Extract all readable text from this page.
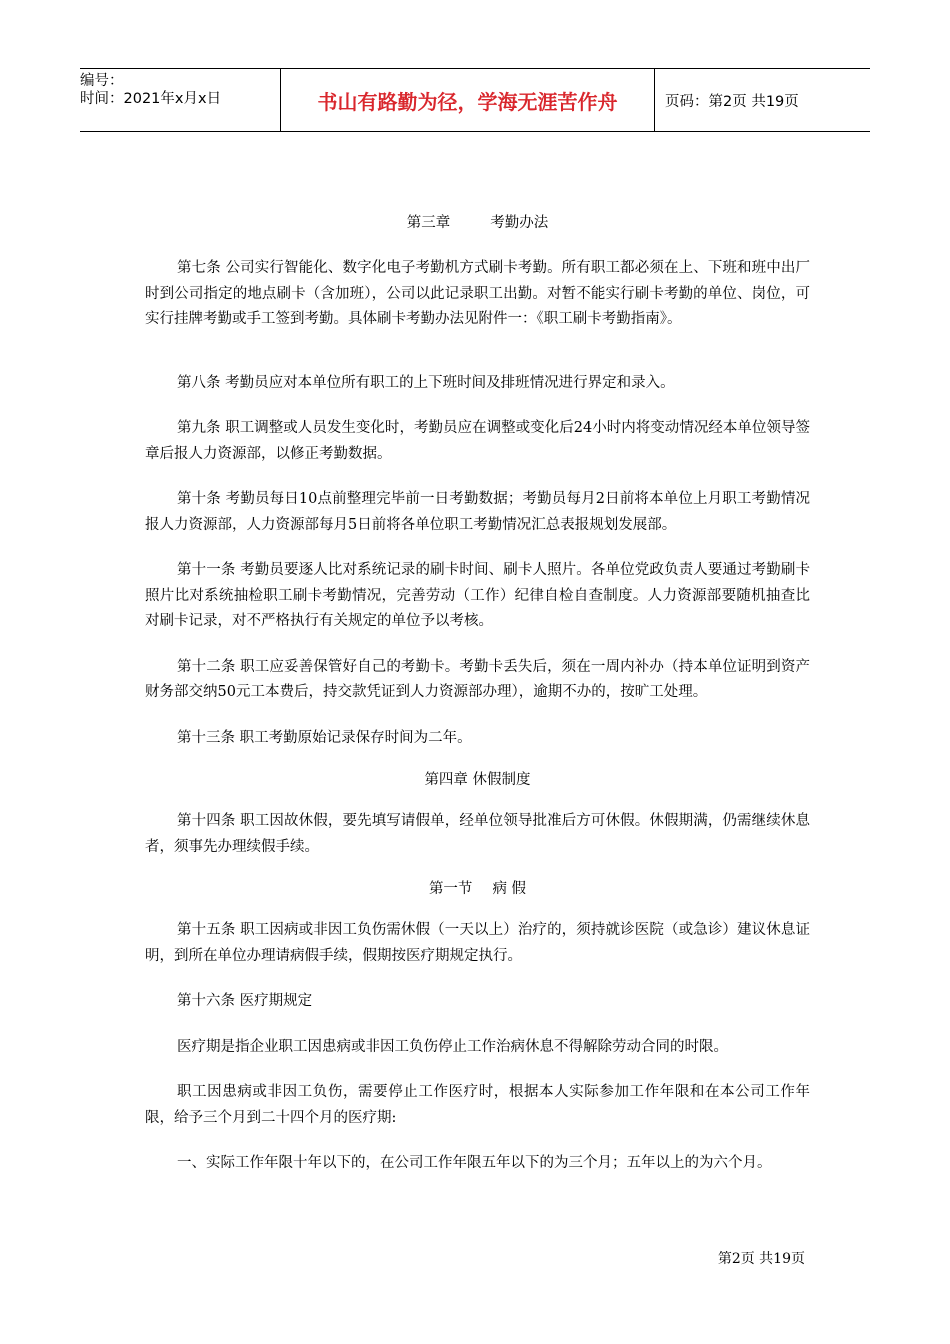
编号：
时间：2021年x月x日	书山有路勤为径，学海无涯苦作舟	页码：第2页 共19页

第三章	考勤办法

第七条 公司实行智能化、数字化电子考勤机方式刷卡考勤。所有职工都必须在上、下班和班中出厂时到公司指定的地点刷卡（含加班），公司以此记录职工出勤。对暂不能实行刷卡考勤的单位、岗位，可实行挂牌考勤或手工签到考勤。具体刷卡考勤办法见附件一：《职工刷卡考勤指南》。

第八条 考勤员应对本单位所有职工的上下班时间及排班情况进行界定和录入。

第九条 职工调整或人员发生变化时，考勤员应在调整或变化后24小时内将变动情况经本单位领导签章后报人力资源部，以修正考勤数据。

第十条 考勤员每日10点前整理完毕前一日考勤数据；考勤员每月2日前将本单位上月职工考勤情况报人力资源部，人力资源部每月5日前将各单位职工考勤情况汇总表报规划发展部。

第十一条 考勤员要逐人比对系统记录的刷卡时间、刷卡人照片。各单位党政负责人要通过考勤刷卡照片比对系统抽检职工刷卡考勤情况，完善劳动（工作）纪律自检自查制度。人力资源部要随机抽查比对刷卡记录，对不严格执行有关规定的单位予以考核。

第十二条 职工应妥善保管好自己的考勤卡。考勤卡丢失后，须在一周内补办（持本单位证明到资产财务部交纳50元工本费后，持交款凭证到人力资源部办理），逾期不办的，按旷工处理。

第十三条 职工考勤原始记录保存时间为二年。

第四章 休假制度

第十四条 职工因故休假，要先填写请假单，经单位领导批准后方可休假。休假期满，仍需继续休息者，须事先办理续假手续。

第一节 病 假

第十五条 职工因病或非因工负伤需休假（一天以上）治疗的，须持就诊医院（或急诊）建议休息证明，到所在单位办理请病假手续，假期按医疗期规定执行。

第十六条 医疗期规定

医疗期是指企业职工因患病或非因工负伤停止工作治病休息不得解除劳动合同的时限。

职工因患病或非因工负伤，需要停止工作医疗时，根据本人实际参加工作年限和在本公司工作年限，给予三个月到二十四个月的医疗期:

一、实际工作年限十年以下的，在公司工作年限五年以下的为三个月；五年以上的为六个月。

第2页 共19页
